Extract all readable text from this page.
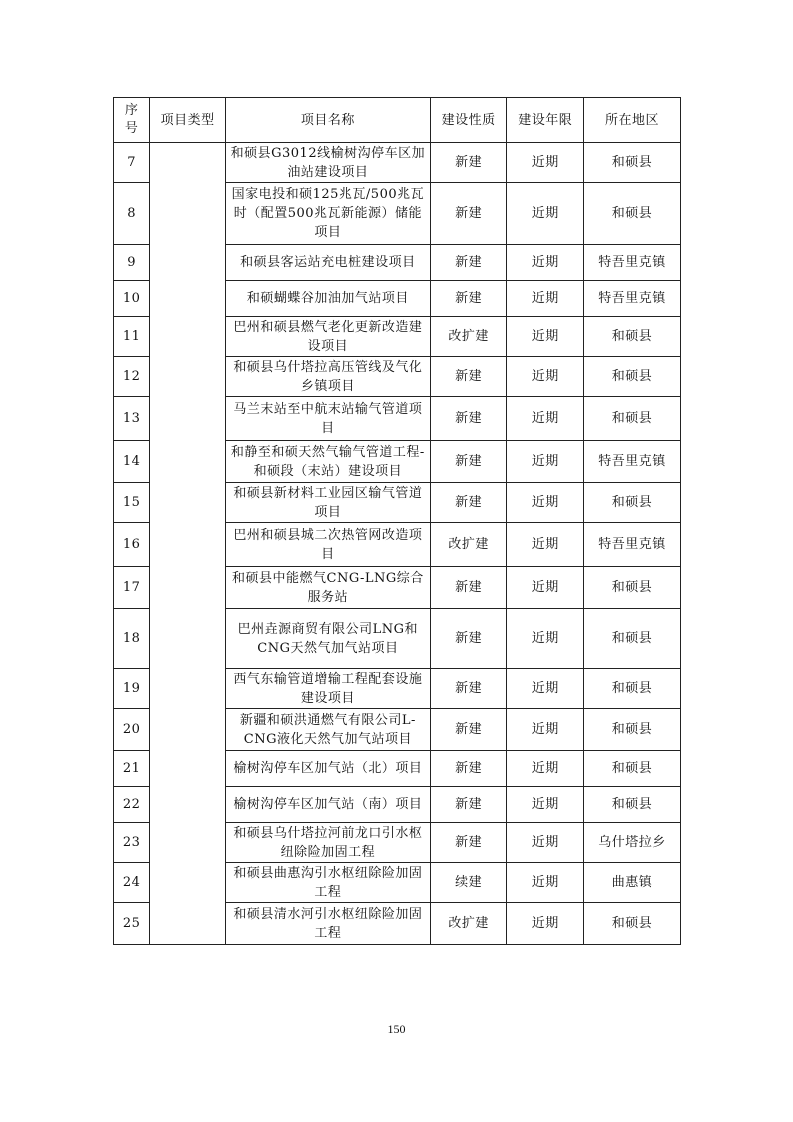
序
号	项目类型	项目名称	建设性质	建设年限	所在地区
7		和硕县G3012线榆树沟停车区加油站建设项目	新建	近期	和硕县
8		国家电投和硕125兆瓦/500兆瓦时（配置500兆瓦新能源）储能项目	新建	近期	和硕县
9		和硕县客运站充电桩建设项目	新建	近期	特吾里克镇
10		和硕蝴蝶谷加油加气站项目	新建	近期	特吾里克镇
11		巴州和硕县燃气老化更新改造建设项目	改扩建	近期	和硕县
12		和硕县乌什塔拉高压管线及气化乡镇项目	新建	近期	和硕县
13		马兰末站至中航末站输气管道项目	新建	近期	和硕县
14		和静至和硕天然气输气管道工程-和硕段（末站）建设项目	新建	近期	特吾里克镇
15		和硕县新材料工业园区输气管道项目	新建	近期	和硕县
16		巴州和硕县城二次热管网改造项目	改扩建	近期	特吾里克镇
17		和硕县中能燃气CNG-LNG综合服务站	新建	近期	和硕县
18		巴州垚源商贸有限公司LNG和CNG天然气加气站项目	新建	近期	和硕县
19		西气东输管道增输工程配套设施建设项目	新建	近期	和硕县
20		新疆和硕洪通燃气有限公司L-CNG液化天然气加气站项目	新建	近期	和硕县
21		榆树沟停车区加气站（北）项目	新建	近期	和硕县
22		榆树沟停车区加气站（南）项目	新建	近期	和硕县
23		和硕县乌什塔拉河前龙口引水枢纽除险加固工程	新建	近期	乌什塔拉乡
24		和硕县曲惠沟引水枢纽除险加固工程	续建	近期	曲惠镇
25		和硕县清水河引水枢纽除险加固工程	改扩建	近期	和硕县
150
